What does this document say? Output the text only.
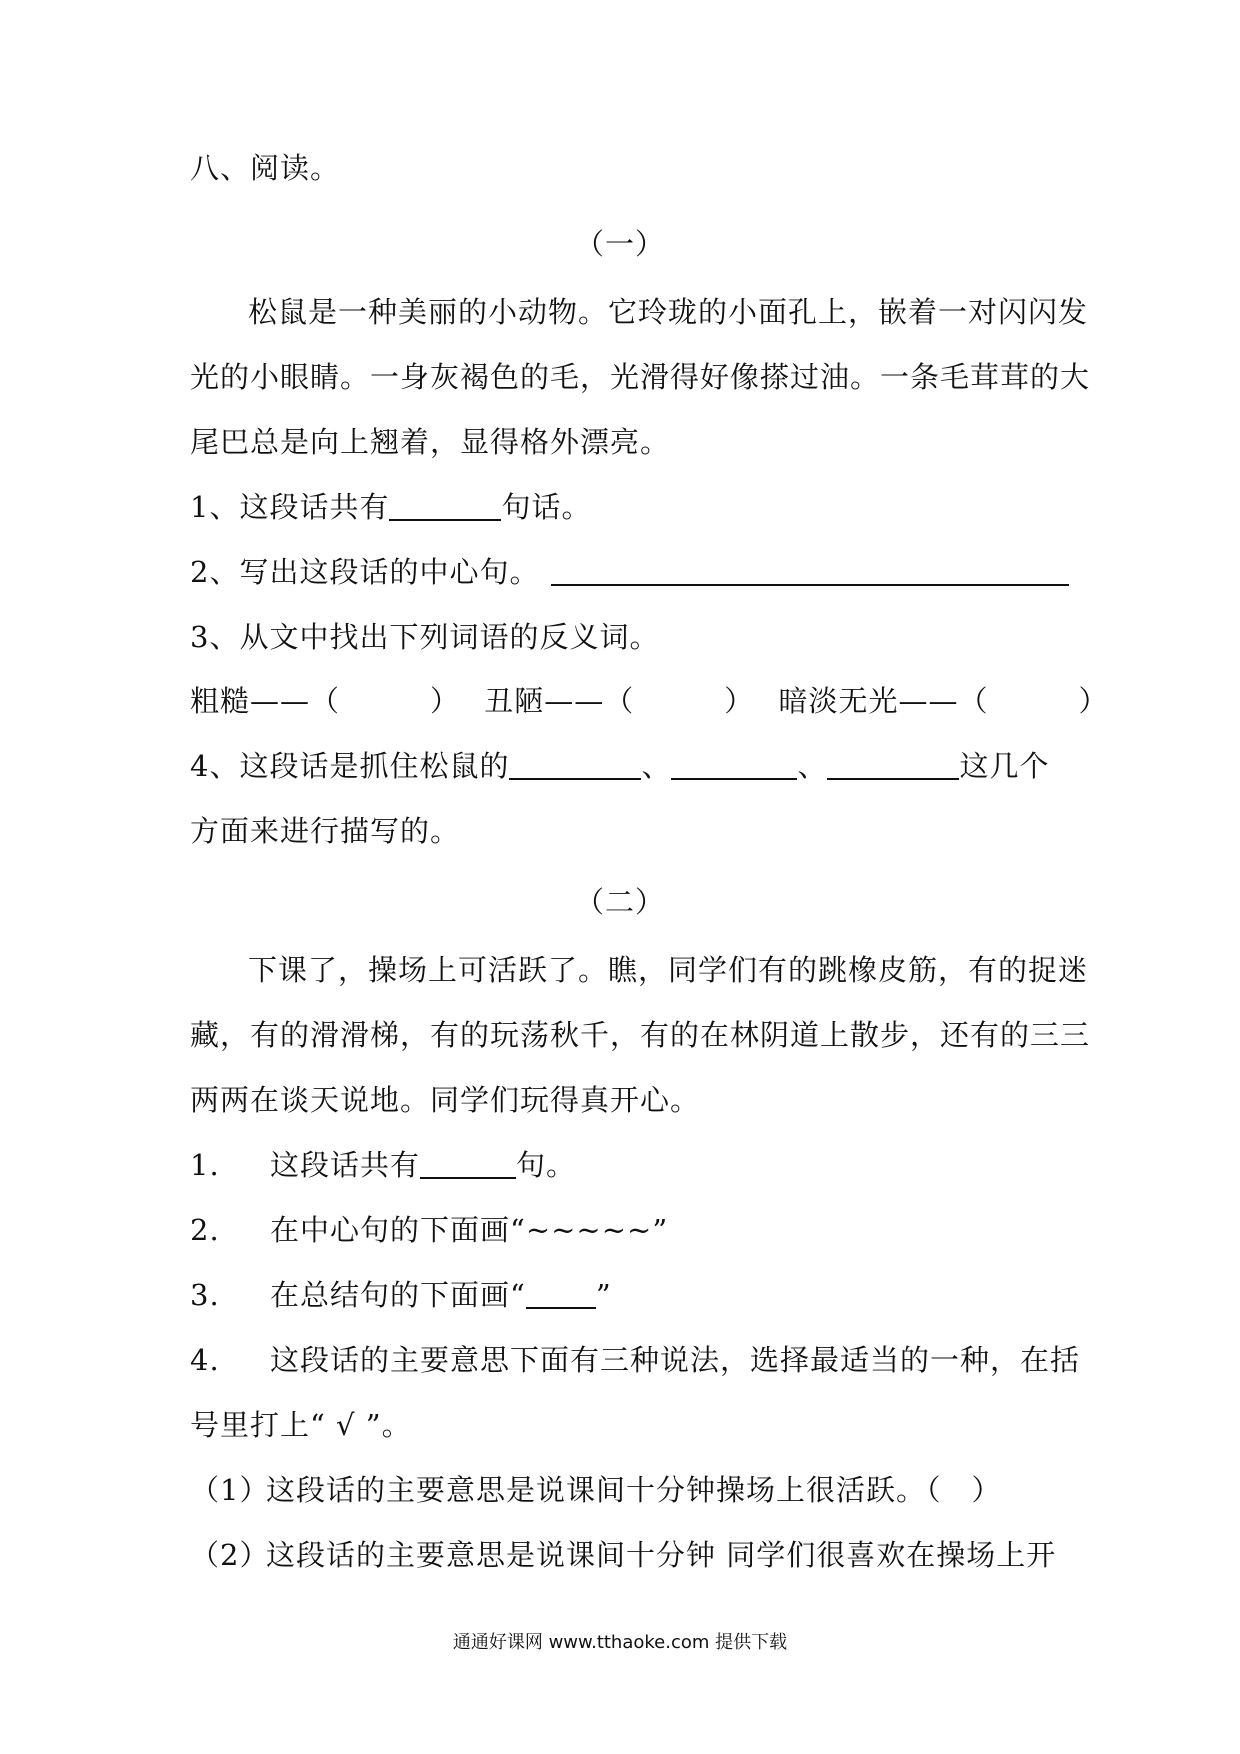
八、阅读。
（一）
松鼠是一种美丽的小动物。它玲珑的小面孔上，嵌着一对闪闪发
光的小眼睛。一身灰褐色的毛，光滑得好像搽过油。一条毛茸茸的大
尾巴总是向上翘着，显得格外漂亮。
1、这段话共有	句话。
2、写出这段话的中心句。
3、从文中找出下列词语的反义词。
粗糙——（	） 丑陋——（	） 暗淡无光——（	）
4、这段话是抓住松鼠的	、	、	这几个
方面来进行描写的。
（二）
下课了，操场上可活跃了。瞧，同学们有的跳橡皮筋，有的捉迷
藏，有的滑滑梯，有的玩荡秋千，有的在林阴道上散步，还有的三三
两两在谈天说地。同学们玩得真开心。
1. 这段话共有	句。
2. 在中心句的下面画“~~~~~”
3. 在总结句的下面画“ ”
4. 这段话的主要意思下面有三种说法，选择最适当的一种，在括
号里打上“ √ ”。
（1）这段话的主要意思是说课间十分钟操场上很活跃。（　）
（2）这段话的主要意思是说课间十分钟 同学们很喜欢在操场上开
通通好课网 www.tthaoke.com 提供下载
